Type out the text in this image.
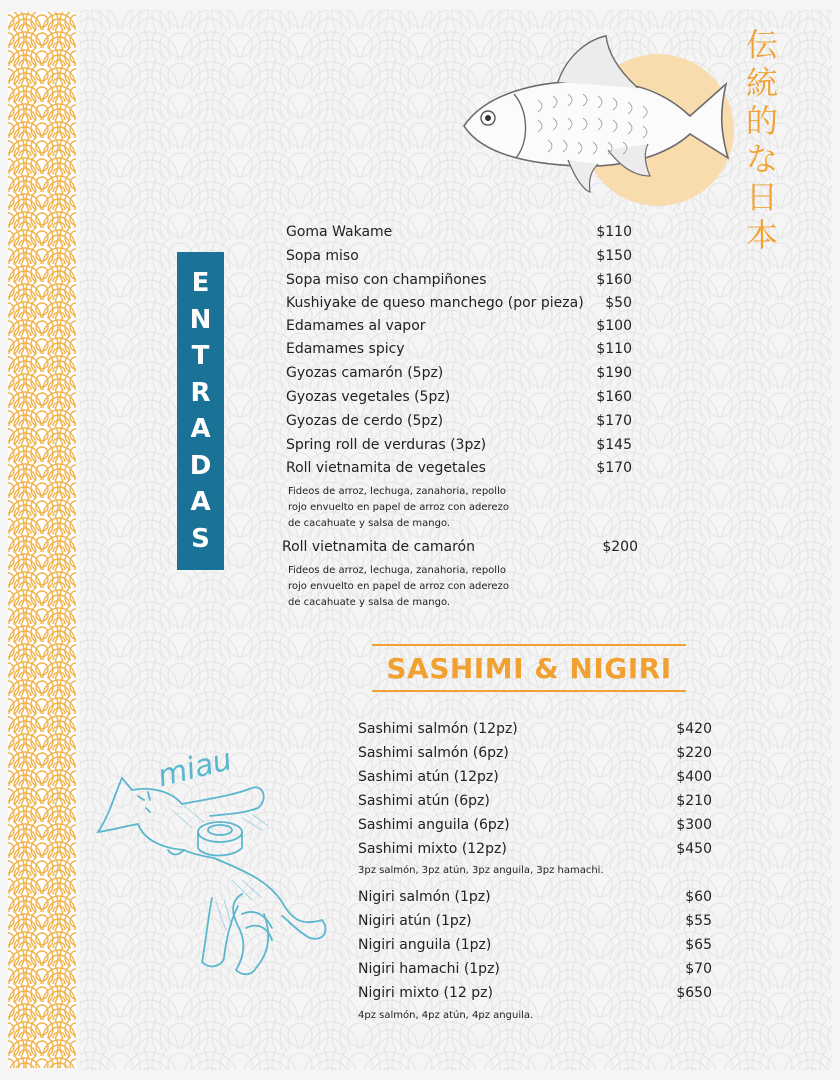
伝
統
的
な
日
本
E
N
T
R
A
D
A
S
Goma Wakame	$110
Sopa miso	$150
Sopa miso con champiñones	$160
Kushiyake de queso manchego (por pieza) $50
Edamames al vapor	$100
Edamames spicy	$110
Gyozas camarón (5pz)	$190
Gyozas vegetales (5pz)	$160
Gyozas de cerdo (5pz)	$170
Spring roll de verduras (3pz)	$145
Roll vietnamita de vegetales	$170
Fideos de arroz, lechuga, zanahoria, repollo
rojo envuelto en papel de arroz con aderezo
de cacahuate y salsa de mango.
Roll vietnamita de camarón	$200
Fideos de arroz, lechuga, zanahoria, repollo
rojo envuelto en papel de arroz con aderezo
de cacahuate y salsa de mango.
SASHIMI & NIGIRI
Sashimi salmón (12pz)	$420
Sashimi salmón (6pz)	$220
Sashimi atún (12pz)	$400
Sashimi atún (6pz)	$210
Sashimi anguila (6pz)	$300
Sashimi mixto (12pz)	$450
3pz salmón, 3pz atún, 3pz anguila, 3pz hamachi.
Nigiri salmón (1pz)	$60
Nigiri atún (1pz)	$55
Nigiri anguila (1pz)	$65
Nigiri hamachi (1pz)	$70
Nigiri mixto (12 pz)	$650
4pz salmón, 4pz atún, 4pz anguila.
miau
